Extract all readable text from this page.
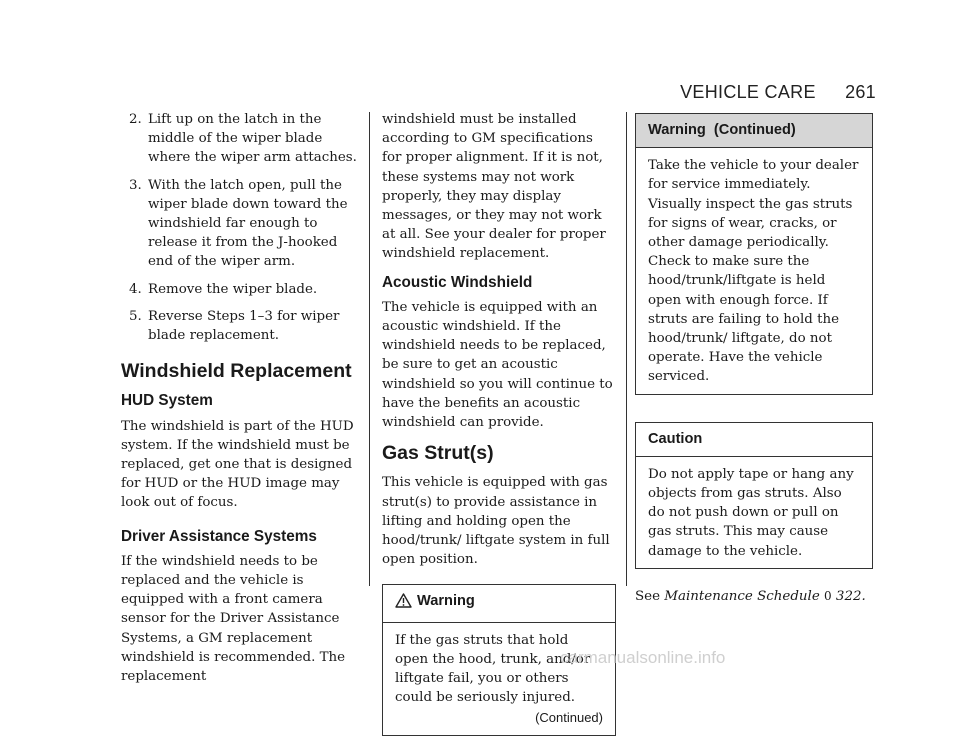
VEHICLE CARE 261
2. Lift up on the latch in the middle of the wiper blade where the wiper arm attaches.
3. With the latch open, pull the wiper blade down toward the windshield far enough to release it from the J-hooked end of the wiper arm.
4. Remove the wiper blade.
5. Reverse Steps 1–3 for wiper blade replacement.
Windshield Replacement
HUD System

The windshield is part of the HUD system. If the windshield must be replaced, get one that is designed for HUD or the HUD image may look out of focus.

Driver Assistance Systems

If the windshield needs to be replaced and the vehicle is equipped with a front camera sensor for the Driver Assistance Systems, a GM replacement windshield is recommended. The replacement

windshield must be installed according to GM specifications for proper alignment. If it is not, these systems may not work properly, they may display messages, or they may not work at all. See your dealer for proper windshield replacement.

Acoustic Windshield

The vehicle is equipped with an acoustic windshield. If the windshield needs to be replaced, be sure to get an acoustic windshield so you will continue to have the benefits an acoustic windshield can provide.

Gas Strut(s)

This vehicle is equipped with gas strut(s) to provide assistance in lifting and holding open the hood/trunk/ liftgate system in full open position.

Warning

If the gas struts that hold open the hood, trunk, and/or liftgate fail, you or others could be seriously injured.

(Continued)
Warning  (Continued)

Take the vehicle to your dealer for service immediately. Visually inspect the gas struts for signs of wear, cracks, or other damage periodically. Check to make sure the hood/trunk/liftgate is held open with enough force. If struts are failing to hold the hood/trunk/ liftgate, do not operate. Have the vehicle serviced.

Caution

Do not apply tape or hang any objects from gas struts. Also do not push down or pull on gas struts. This may cause damage to the vehicle.

See Maintenance Schedule 0 322.

carmanualsonline.info
